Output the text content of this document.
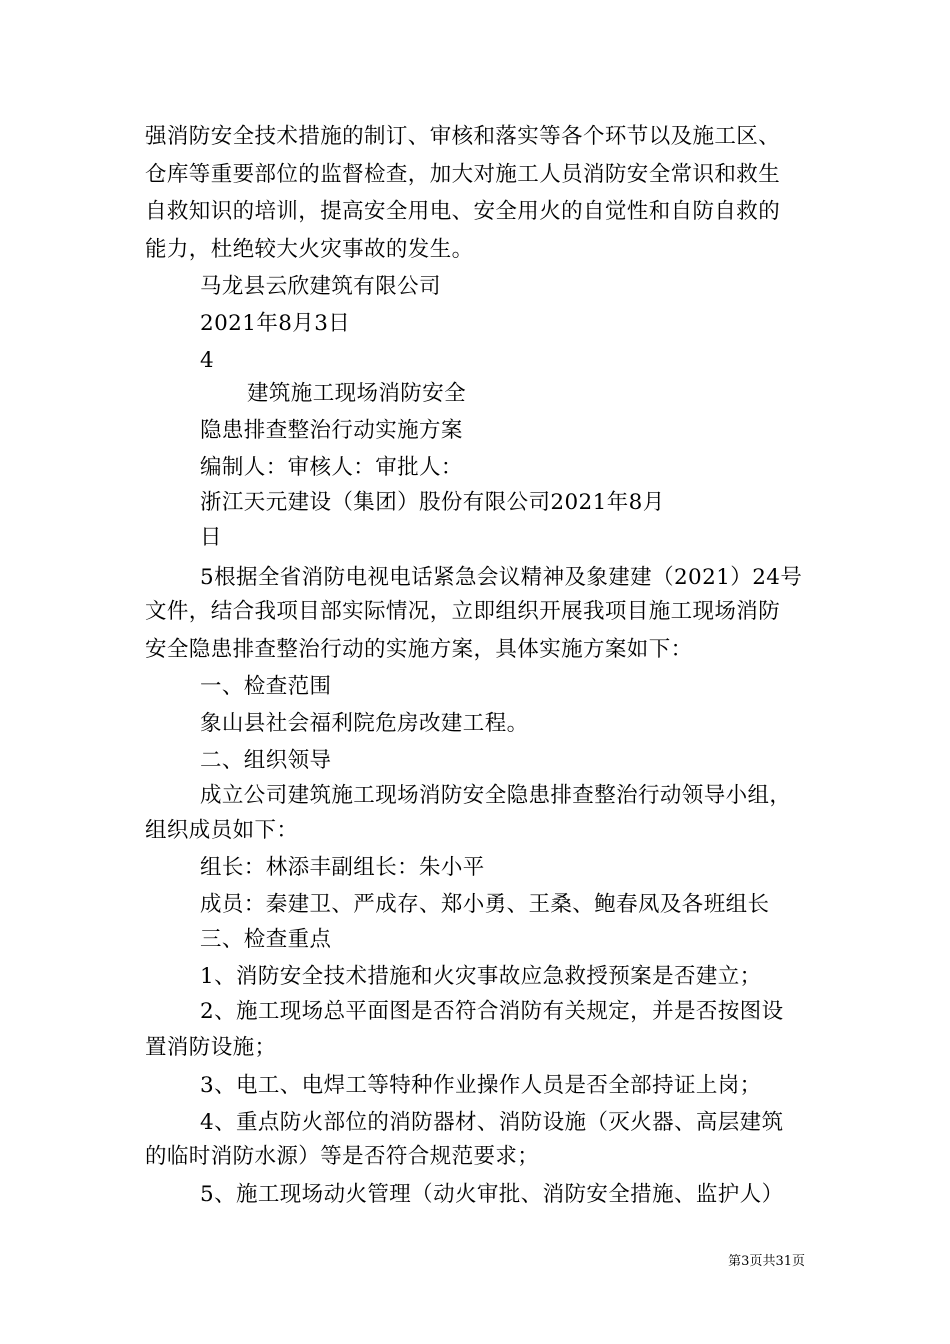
强消防安全技术措施的制订、审核和落实等各个环节以及施工区、
仓库等重要部位的监督检查，加大对施工人员消防安全常识和救生
自救知识的培训，提高安全用电、安全用火的自觉性和自防自救的
能力，杜绝较大火灾事故的发生。
马龙县云欣建筑有限公司
2021年8月3日
4
建筑施工现场消防安全
隐患排查整治行动实施方案
编制人：审核人：审批人：
浙江天元建设（集团）股份有限公司2021年8月
日
5根据全省消防电视电话紧急会议精神及象建建（2021）24号
文件，结合我项目部实际情况，立即组织开展我项目施工现场消防
安全隐患排查整治行动的实施方案，具体实施方案如下：
一、检查范围
象山县社会福利院危房改建工程。
二、组织领导
成立公司建筑施工现场消防安全隐患排查整治行动领导小组，
组织成员如下：
组长：林添丰副组长：朱小平
成员：秦建卫、严成存、郑小勇、王桑、鲍春凤及各班组长
三、检查重点
1、消防安全技术措施和火灾事故应急救授预案是否建立；
2、施工现场总平面图是否符合消防有关规定，并是否按图设
置消防设施；
3、电工、电焊工等特种作业操作人员是否全部持证上岗；
4、重点防火部位的消防器材、消防设施（灭火器、高层建筑
的临时消防水源）等是否符合规范要求；
5、施工现场动火管理（动火审批、消防安全措施、监护人）
第3页共31页
